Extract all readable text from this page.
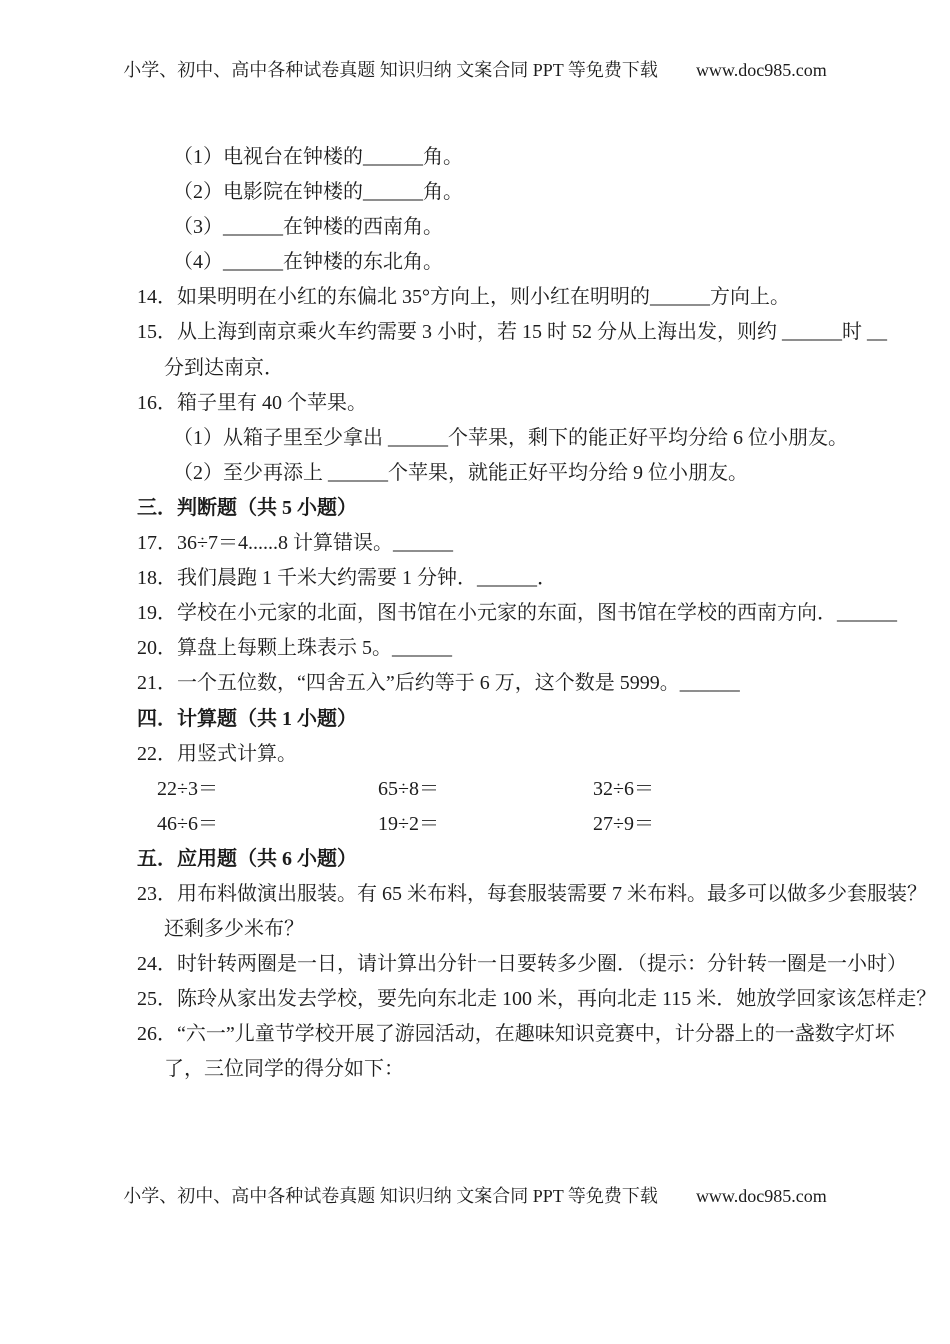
小学、初中、高中各种试卷真题 知识归纳 文案合同 PPT 等免费下载 www.doc985.com
（1）电视台在钟楼的______角。
（2）电影院在钟楼的______角。
（3）______在钟楼的西南角。
（4）______在钟楼的东北角。
14．如果明明在小红的东偏北 35°方向上，则小红在明明的______方向上。
15．从上海到南京乘火车约需要 3 小时，若 15 时 52 分从上海出发，则约 ______时 __
分到达南京．
16．箱子里有 40 个苹果。
（1）从箱子里至少拿出 ______个苹果，剩下的能正好平均分给 6 位小朋友。
（2）至少再添上 ______个苹果，就能正好平均分给 9 位小朋友。
三．判断题（共 5 小题）
17．36÷7＝4......8 计算错误。______
18．我们晨跑 1 千米大约需要 1 分钟．______．
19．学校在小元家的北面，图书馆在小元家的东面，图书馆在学校的西南方向．______
20．算盘上每颗上珠表示 5。______
21．一个五位数，“四舍五入”后约等于 6 万，这个数是 5999。______
四．计算题（共 1 小题）
22．用竖式计算。
22÷3＝	65÷8＝	32÷6＝
46÷6＝	19÷2＝	27÷9＝
五．应用题（共 6 小题）
23．用布料做演出服装。有 65 米布料，每套服装需要 7 米布料。最多可以做多少套服装？
还剩多少米布？
24．时针转两圈是一日，请计算出分针一日要转多少圈．（提示：分针转一圈是一小时）
25．陈玲从家出发去学校，要先向东北走 100 米，再向北走 115 米．她放学回家该怎样走？
26．“六一”儿童节学校开展了游园活动，在趣味知识竞赛中，计分器上的一盏数字灯坏
了，三位同学的得分如下：
小学、初中、高中各种试卷真题 知识归纳 文案合同 PPT 等免费下载 www.doc985.com
